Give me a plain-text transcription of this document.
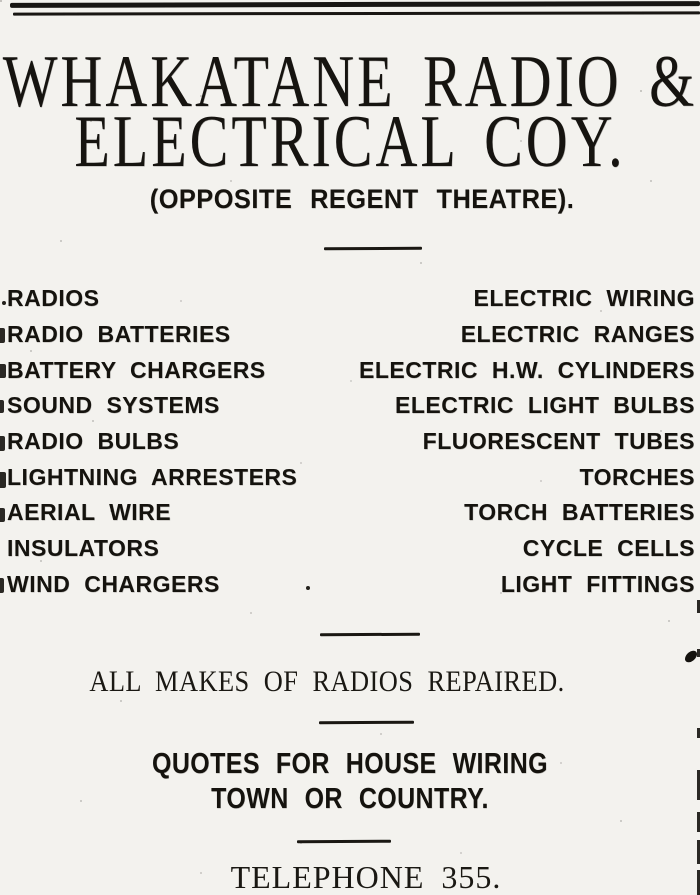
WHAKATANE RADIO &
ELECTRICAL COY.
(OPPOSITE REGENT THEATRE).
RADIOS	ELECTRIC WIRING
RADIO BATTERIES	ELECTRIC RANGES
BATTERY CHARGERS	ELECTRIC H.W. CYLINDERS
SOUND SYSTEMS	ELECTRIC LIGHT BULBS
RADIO BULBS	FLUORESCENT TUBES
LIGHTNING ARRESTERS	TORCHES
AERIAL WIRE	TORCH BATTERIES
INSULATORS	CYCLE CELLS
WIND CHARGERS	LIGHT FITTINGS
ALL MAKES OF RADIOS REPAIRED.
QUOTES FOR HOUSE WIRING
TOWN OR COUNTRY.
TELEPHONE 355.
